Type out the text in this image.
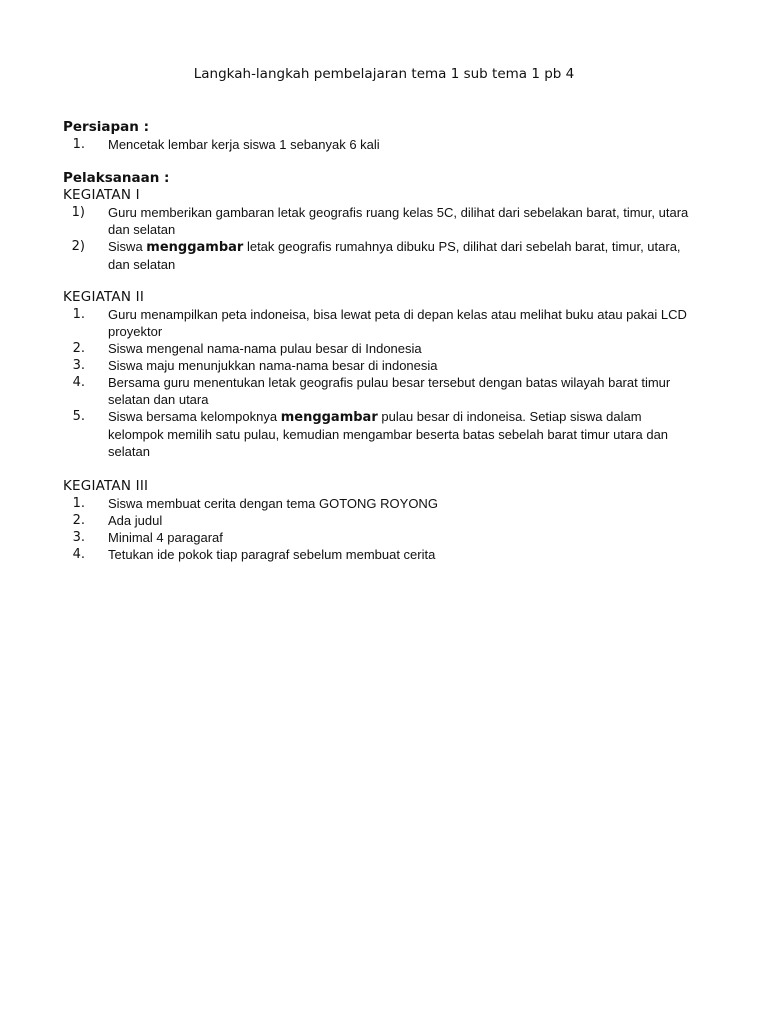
Langkah-langkah pembelajaran tema 1 sub tema 1 pb 4

Persiapan :

1. Mencetak lembar kerja siswa 1 sebanyak 6 kali

Pelaksanaan :

KEGIATAN I

1) Guru memberikan gambaran letak geografis ruang kelas 5C, dilihat dari sebelakan barat, timur, utara dan selatan
2) Siswa menggambar letak geografis rumahnya dibuku PS, dilihat dari sebelah barat, timur, utara, dan selatan

KEGIATAN II

1. Guru menampilkan peta indoneisa, bisa lewat peta di depan kelas atau melihat buku atau pakai LCD proyektor
2. Siswa mengenal nama-nama pulau besar di Indonesia
3. Siswa maju menunjukkan nama-nama besar di indonesia
4. Bersama guru menentukan letak geografis pulau besar tersebut dengan batas wilayah barat timur selatan dan utara
5. Siswa bersama kelompoknya menggambar pulau besar di indoneisa. Setiap siswa dalam kelompok memilih satu pulau, kemudian mengambar beserta batas sebelah barat timur utara dan selatan

KEGIATAN III

1. Siswa membuat cerita dengan tema GOTONG ROYONG
2. Ada judul
3. Minimal 4 paragaraf
4. Tetukan ide pokok tiap paragraf sebelum membuat cerita
